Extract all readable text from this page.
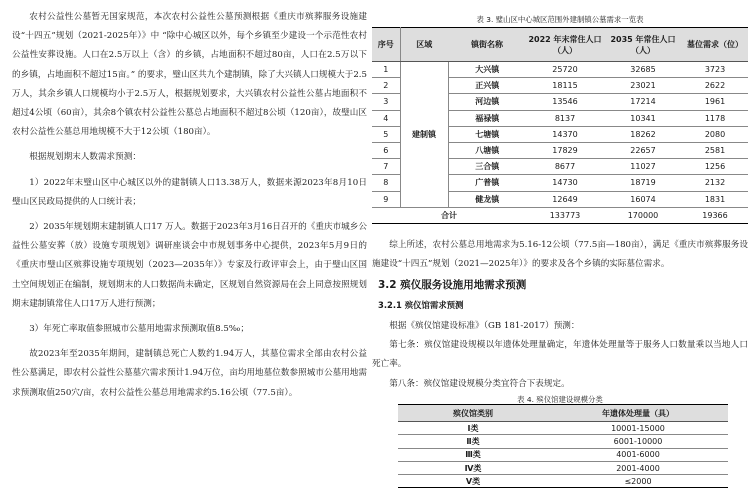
农村公益性公墓暂无国家规范，本次农村公益性公墓预测根据《重庆市殡葬服务设施建设“十四五”规划（2021-2025年）》中 “除中心城区以外，每个乡镇至少建设一个示范性农村公益性安葬设施。人口在2.5万以上（含）的乡镇，占地面积不超过80亩，人口在2.5万以下的乡镇，占地面积不超过15亩。” 的要求，璧山区共九个建制镇，除了大兴镇人口规模大于2.5万人，其余乡镇人口规模均小于2.5万人，根据规划要求，大兴镇农村公益性公墓占地面积不超过4公顷（60亩），其余8个镇农村公益性公墓总占地面积不超过8公顷（120亩），故璧山区农村公益性公墓总用地规模不大于12公顷（180亩）。

根据规划期末人数需求预测：

1）2022年末璧山区中心城区以外的建制镇人口13.38万人，数据来源2023年8月10日璧山区民政局提供的人口统计表；

2）2035年规划期末建制镇人口17 万人。数据于2023年3月16日召开的《重庆市城乡公益性公墓安葬（放）设施专项规划》调研座谈会中市规划事务中心提供，2023年5月9日的《重庆市璧山区殡葬设施专项规划（2023—2035年）》专家及行政评审会上，由于璧山区国土空间规划正在编制，规划期末的人口数据尚未确定，区规划自然资源局在会上同意按照规划期末建制镇常住人口17万人进行预测；

3）年死亡率取值参照城市公墓用地需求预测取值8.5‰；

故2023年至2035年期间，建制镇总死亡人数约1.94万人，其墓位需求全部由农村公益性公墓满足，即农村公益性公墓墓穴需求预计1.94万位，亩均用地墓位数参照城市公墓用地需求预测取值250穴/亩，农村公益性公墓总用地需求约5.16公顷（77.5亩）。

表 3. 璧山区中心城区范围外建制镇公墓需求一览表
序号	区域	镇街名称	2022 年末常住人口（人）	2035 年常住人口（人）	墓位需求（位）
1	建制镇	大兴镇	25720	32685	3723
2		正兴镇	18115	23021	2622
3		河边镇	13546	17214	1961
4		福禄镇	8137	10341	1178
5		七塘镇	14370	18262	2080
6		八塘镇	17829	22657	2581
7		三合镇	8677	11027	1256
8		广普镇	14730	18719	2132
9		健龙镇	12649	16074	1831
合计			133773	170000	19366

综上所述，农村公墓总用地需求为5.16-12公顷（77.5亩—180亩），满足《重庆市殡葬服务设施建设“十四五”规划（2021—2025年）》的要求及各个乡镇的实际墓位需求。

3.2 殡仪服务设施用地需求预测
3.2.1 殡仪馆需求预测

根据《殡仪馆建设标准》（GB 181-2017）预测：

第七条：殡仪馆建设规模以年遗体处理量确定，年遗体处理量等于服务人口数量乘以当地人口死亡率。

第八条：殡仪馆建设规模分类宜符合下表规定。

表 4. 殡仪馆建设规模分类
殡仪馆类别	年遗体处理量（具）
Ⅰ类	10001-15000
Ⅱ类	6001-10000
Ⅲ类	4001-6000
Ⅳ类	2001-4000
Ⅴ类	≤2000
